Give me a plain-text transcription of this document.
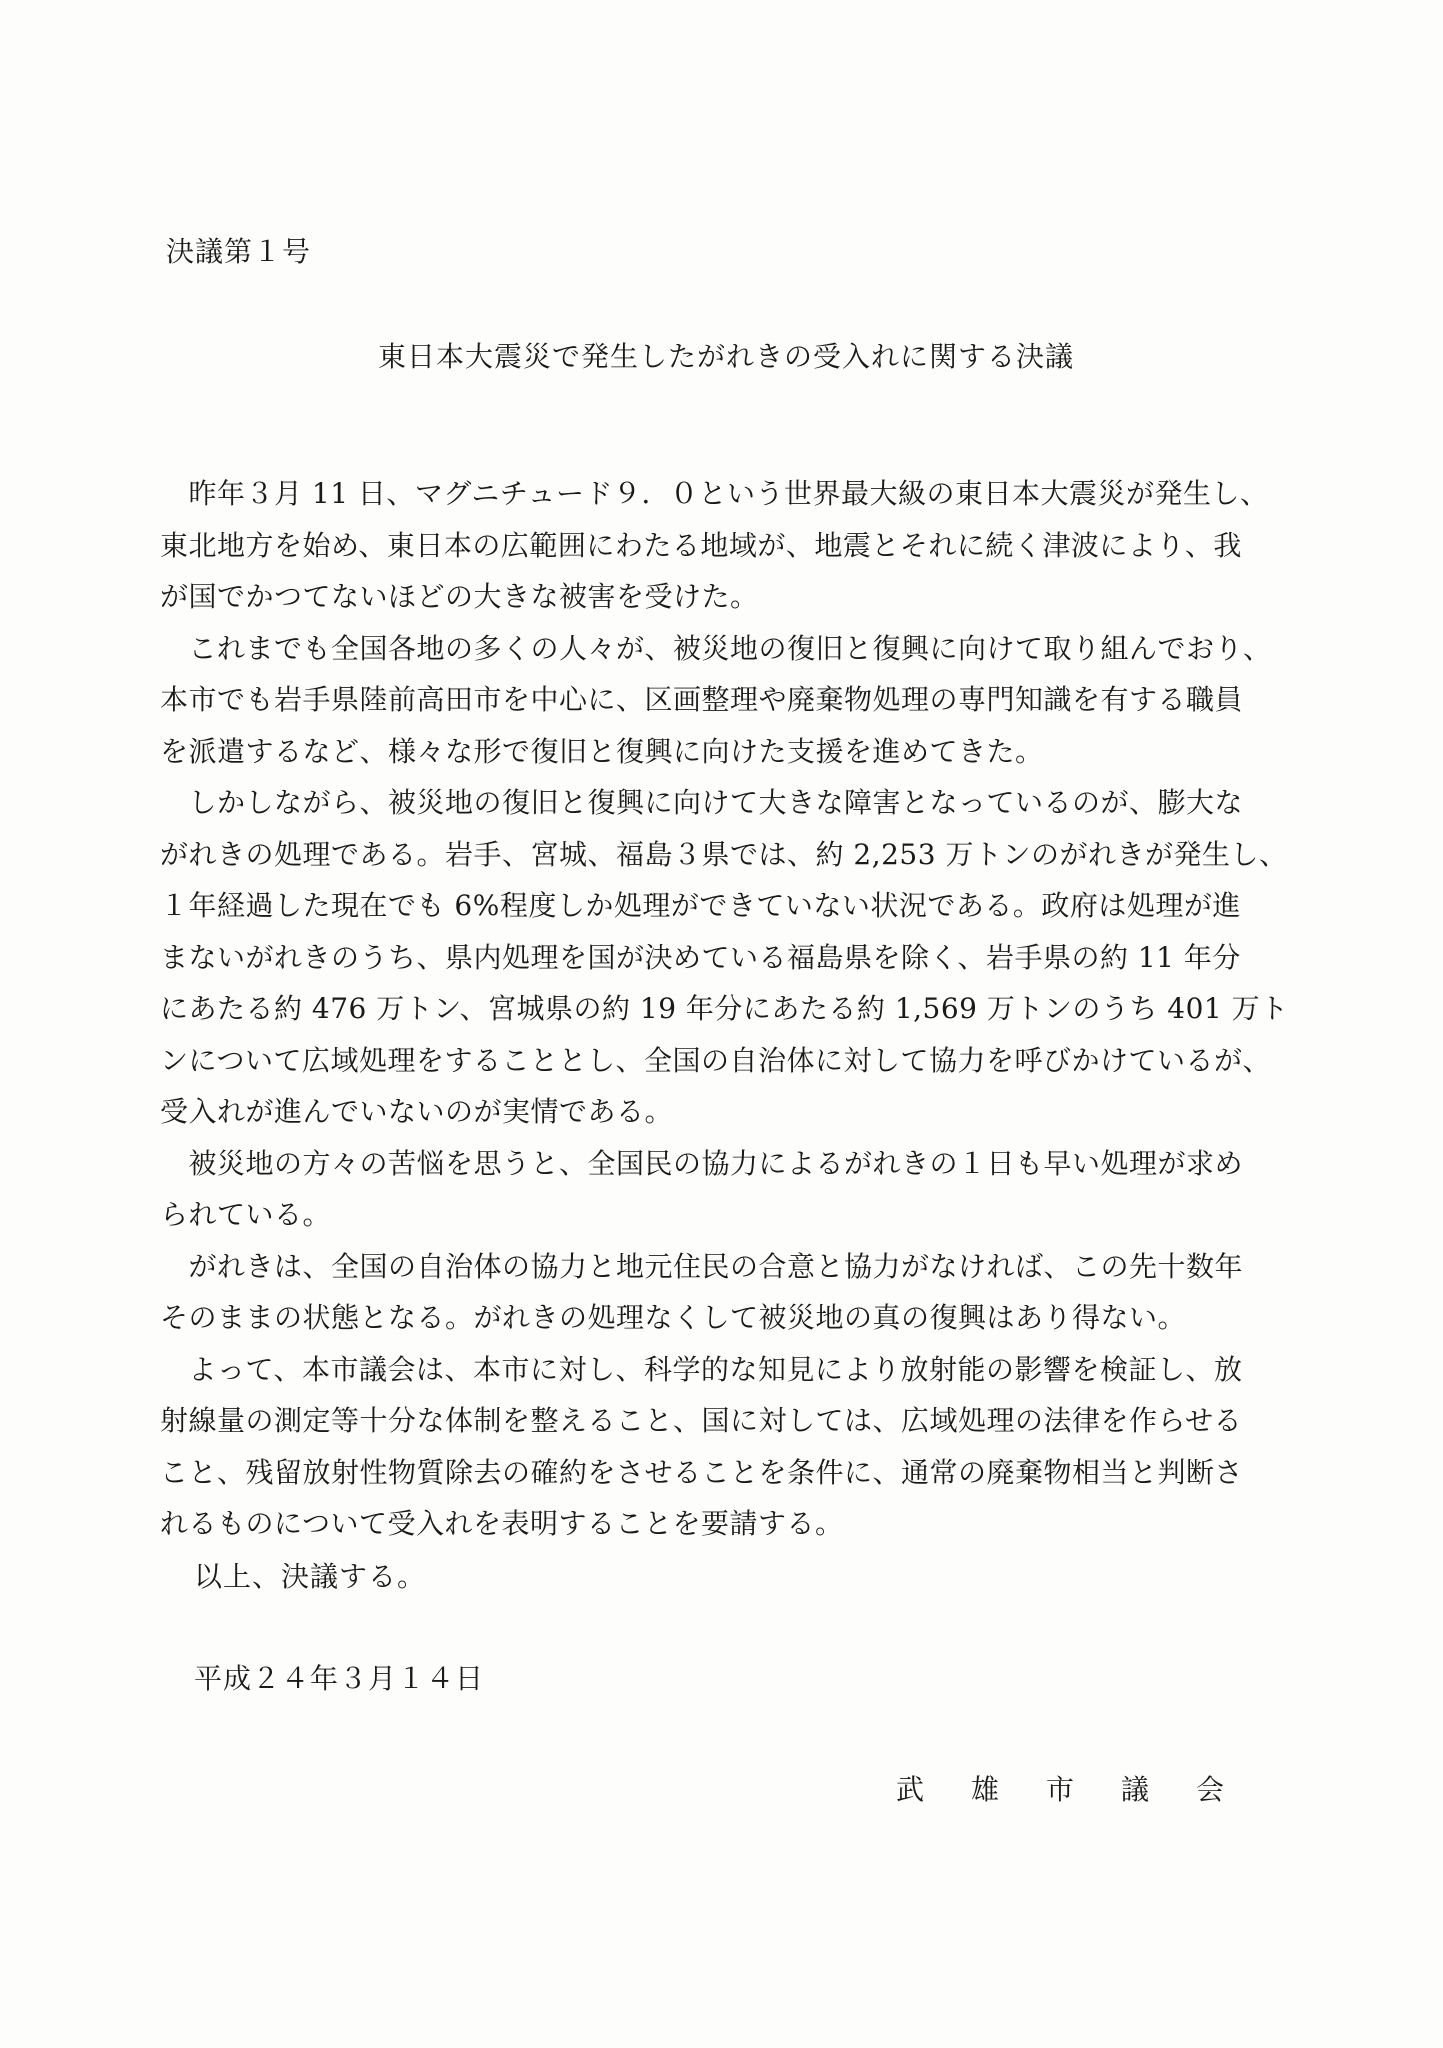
決議第１号
東日本大震災で発生したがれきの受入れに関する決議
　昨年３月 11 日、マグニチュード９．０という世界最大級の東日本大震災が発生し、
東北地方を始め、東日本の広範囲にわたる地域が、地震とそれに続く津波により、我
が国でかつてないほどの大きな被害を受けた。
　これまでも全国各地の多くの人々が、被災地の復旧と復興に向けて取り組んでおり、
本市でも岩手県陸前高田市を中心に、区画整理や廃棄物処理の専門知識を有する職員
を派遣するなど、様々な形で復旧と復興に向けた支援を進めてきた。
　しかしながら、被災地の復旧と復興に向けて大きな障害となっているのが、膨大な
がれきの処理である。岩手、宮城、福島３県では、約 2,253 万トンのがれきが発生し、
１年経過した現在でも 6%程度しか処理ができていない状況である。政府は処理が進
まないがれきのうち、県内処理を国が決めている福島県を除く、岩手県の約 11 年分
にあたる約 476 万トン、宮城県の約 19 年分にあたる約 1,569 万トンのうち 401 万ト
ンについて広域処理をすることとし、全国の自治体に対して協力を呼びかけているが、
受入れが進んでいないのが実情である。
　被災地の方々の苦悩を思うと、全国民の協力によるがれきの１日も早い処理が求め
られている。
　がれきは、全国の自治体の協力と地元住民の合意と協力がなければ、この先十数年
そのままの状態となる。がれきの処理なくして被災地の真の復興はあり得ない。
　よって、本市議会は、本市に対し、科学的な知見により放射能の影響を検証し、放
射線量の測定等十分な体制を整えること、国に対しては、広域処理の法律を作らせる
こと、残留放射性物質除去の確約をさせることを条件に、通常の廃棄物相当と判断さ
れるものについて受入れを表明することを要請する。
以上、決議する。
平成２４年３月１４日
武雄市議会
